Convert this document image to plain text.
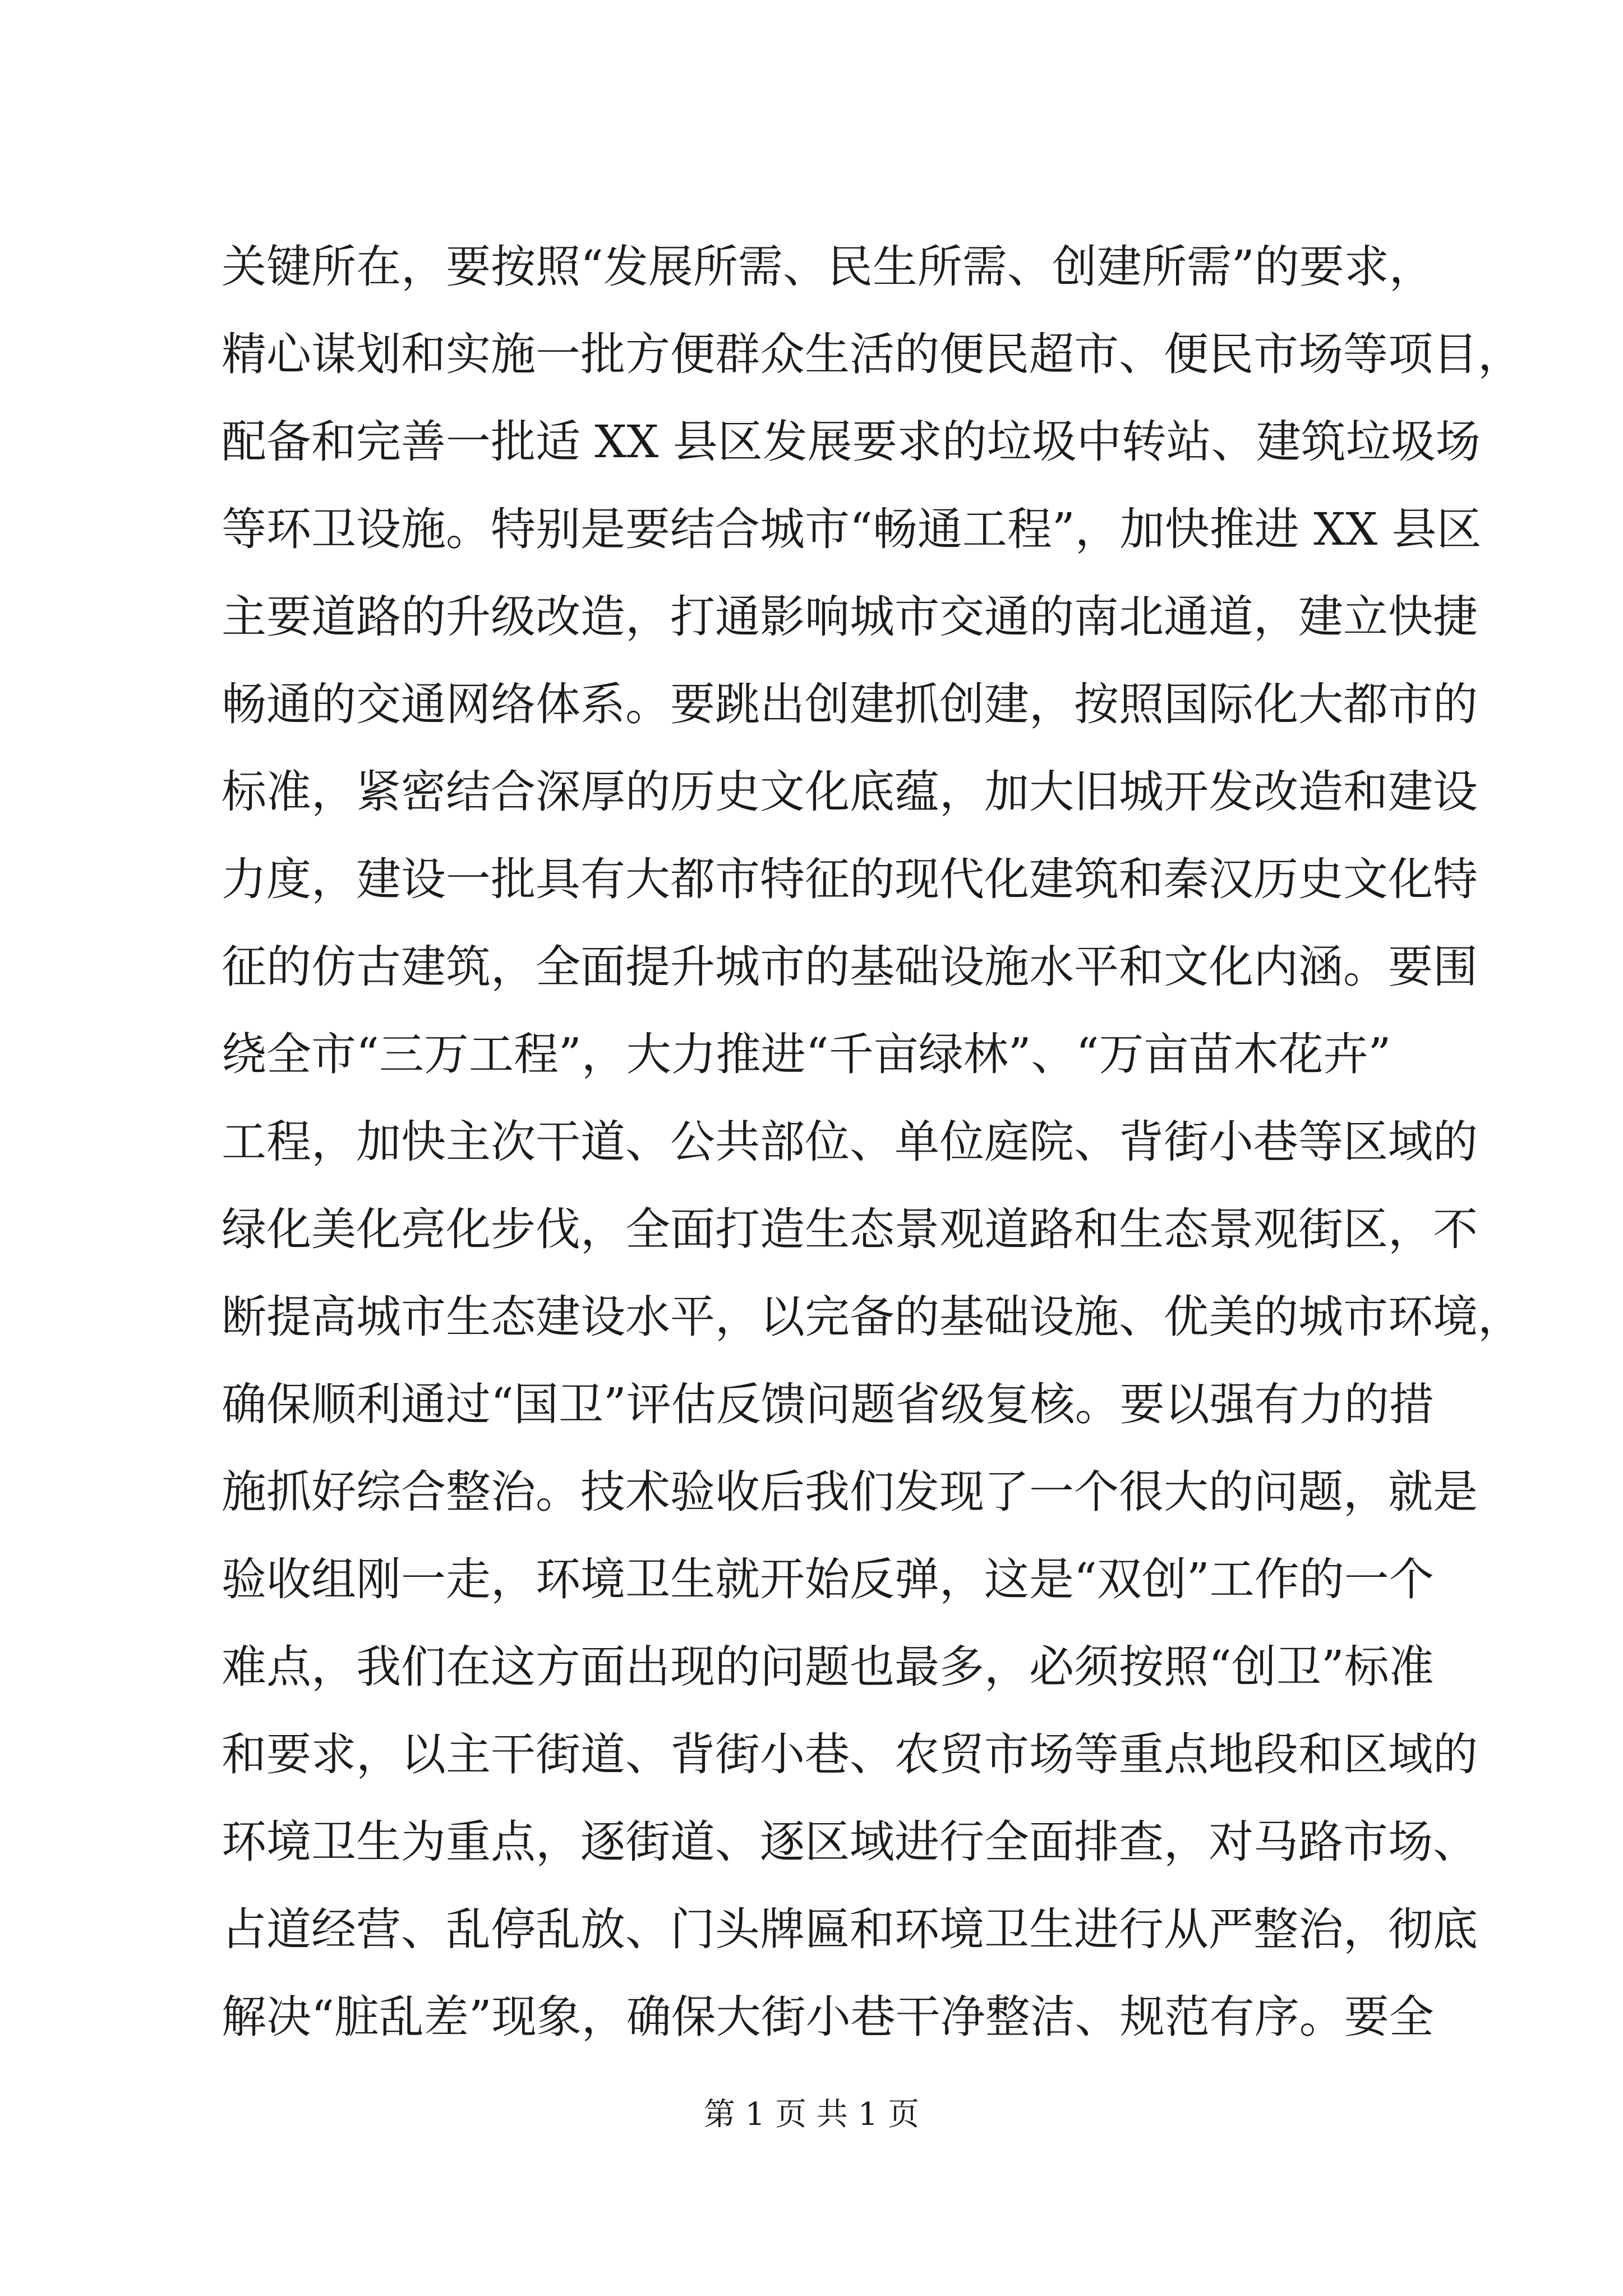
关键所在，要按照“发展所需、民生所需、创建所需”的要求，
精心谋划和实施一批方便群众生活的便民超市、便民市场等项目，
配备和完善一批适 XX 县区发展要求的垃圾中转站、建筑垃圾场
等环卫设施。特别是要结合城市“畅通工程”，加快推进 XX 县区
主要道路的升级改造，打通影响城市交通的南北通道，建立快捷
畅通的交通网络体系。要跳出创建抓创建，按照国际化大都市的
标准，紧密结合深厚的历史文化底蕴，加大旧城开发改造和建设
力度，建设一批具有大都市特征的现代化建筑和秦汉历史文化特
征的仿古建筑，全面提升城市的基础设施水平和文化内涵。要围
绕全市“三万工程”，大力推进“千亩绿林”、“万亩苗木花卉”
工程，加快主次干道、公共部位、单位庭院、背街小巷等区域的
绿化美化亮化步伐，全面打造生态景观道路和生态景观街区，不
断提高城市生态建设水平，以完备的基础设施、优美的城市环境，
确保顺利通过“国卫”评估反馈问题省级复核。要以强有力的措
施抓好综合整治。技术验收后我们发现了一个很大的问题，就是
验收组刚一走，环境卫生就开始反弹，这是“双创”工作的一个
难点，我们在这方面出现的问题也最多，必须按照“创卫”标准
和要求，以主干街道、背街小巷、农贸市场等重点地段和区域的
环境卫生为重点，逐街道、逐区域进行全面排查，对马路市场、
占道经营、乱停乱放、门头牌匾和环境卫生进行从严整治，彻底
解决“脏乱差”现象，确保大街小巷干净整洁、规范有序。要全
第 1 页 共 1 页
